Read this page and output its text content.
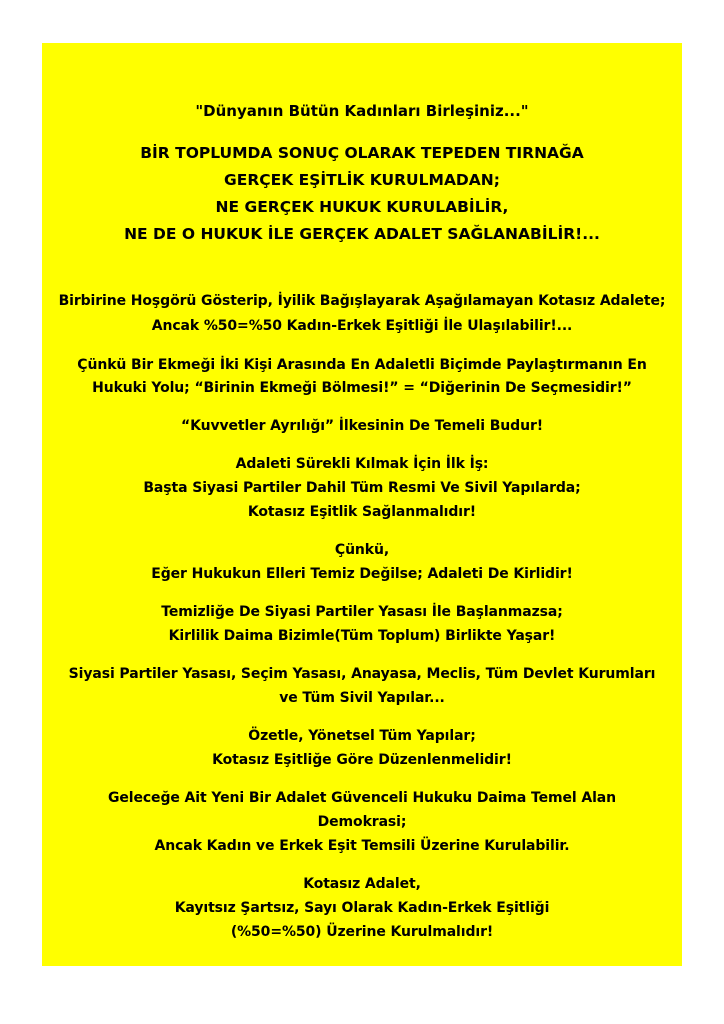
"Dünyanın Bütün Kadınları Birleşiniz..."
BİR TOPLUMDA SONUÇ OLARAK TEPEDEN TIRNAĞA
GERÇEK EŞİTLİK KURULMADAN;
NE GERÇEK HUKUK KURULABİLİR,
NE DE O HUKUK İLE GERÇEK ADALET SAĞLANABİLİR!...
Birbirine Hoşgörü Gösterip, İyilik Bağışlayarak Aşağılamayan Kotasız Adalete;
Ancak %50=%50 Kadın-Erkek Eşitliği İle Ulaşılabilir!...
Çünkü Bir Ekmeği İki Kişi Arasında En Adaletli Biçimde Paylaştırmanın En
Hukuki Yolu; “Birinin Ekmeği Bölmesi!” = “Diğerinin De Seçmesidir!”
“Kuvvetler Ayrılığı” İlkesinin De Temeli Budur!
Adaleti Sürekli Kılmak İçin İlk İş:
Başta Siyasi Partiler Dahil Tüm Resmi Ve Sivil Yapılarda;
Kotasız Eşitlik Sağlanmalıdır!
Çünkü,
Eğer Hukukun Elleri Temiz Değilse; Adaleti De Kirlidir!
Temizliğe De Siyasi Partiler Yasası İle Başlanmazsa;
Kirlilik Daima Bizimle(Tüm Toplum) Birlikte Yaşar!
Siyasi Partiler Yasası, Seçim Yasası, Anayasa, Meclis, Tüm Devlet Kurumları
ve Tüm Sivil Yapılar...
Özetle, Yönetsel Tüm Yapılar;
Kotasız Eşitliğe Göre Düzenlenmelidir!
Geleceğe Ait Yeni Bir Adalet Güvenceli Hukuku Daima Temel Alan
Demokrasi;
Ancak Kadın ve Erkek Eşit Temsili Üzerine Kurulabilir.
Kotasız Adalet,
Kayıtsız Şartsız, Sayı Olarak Kadın-Erkek Eşitliği
(%50=%50) Üzerine Kurulmalıdır!
